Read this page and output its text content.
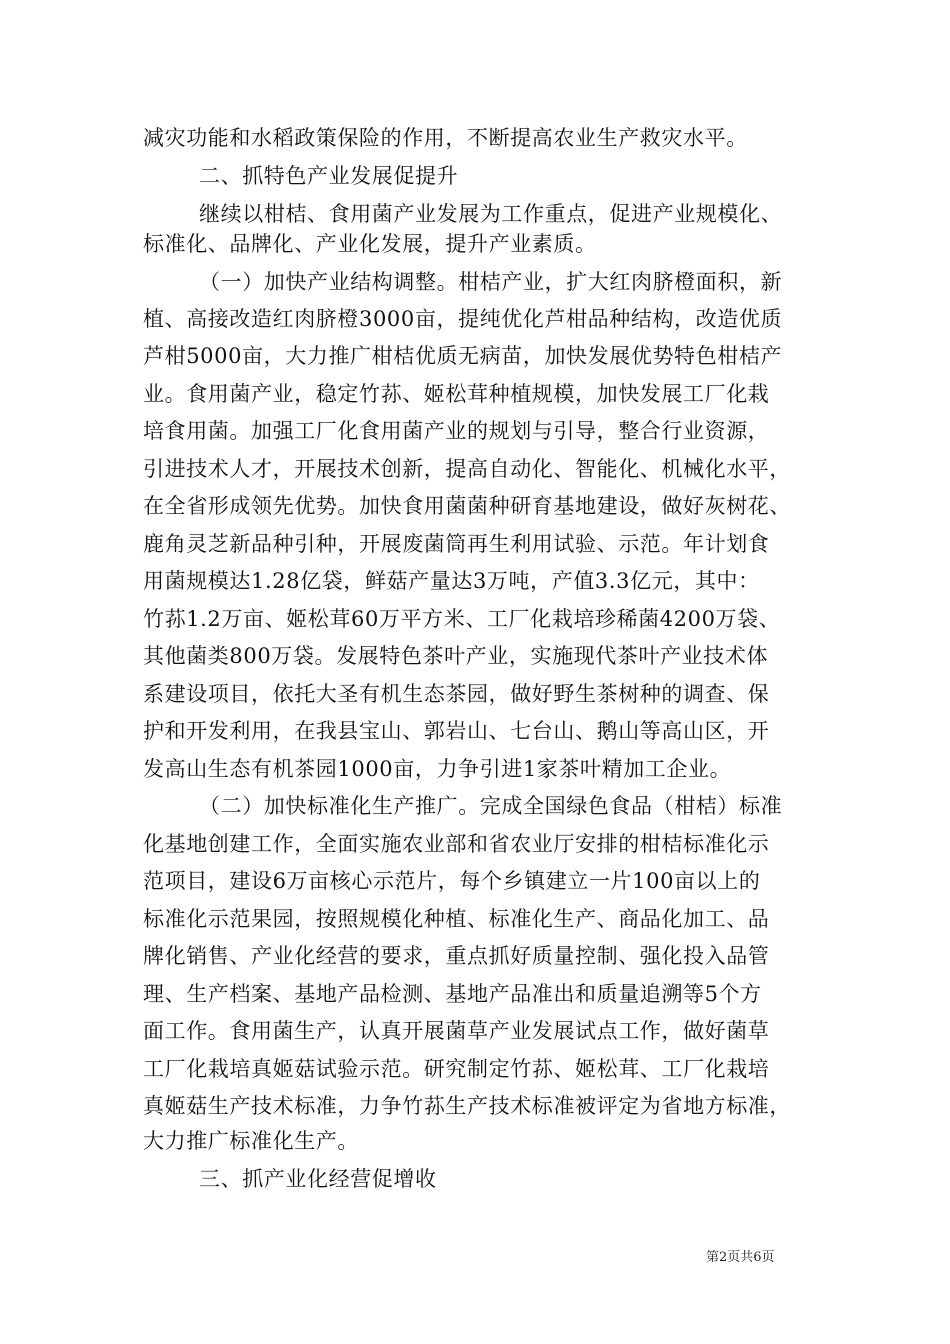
减灾功能和水稻政策保险的作用，不断提高农业生产救灾水平。
二、抓特色产业发展促提升
继续以柑桔、食用菌产业发展为工作重点，促进产业规模化、
标准化、品牌化、产业化发展，提升产业素质。
（一）加快产业结构调整。柑桔产业，扩大红肉脐橙面积，新
植、高接改造红肉脐橙3000亩，提纯优化芦柑品种结构，改造优质
芦柑5000亩，大力推广柑桔优质无病苗，加快发展优势特色柑桔产
业。食用菌产业，稳定竹荪、姬松茸种植规模，加快发展工厂化栽
培食用菌。加强工厂化食用菌产业的规划与引导，整合行业资源，
引进技术人才，开展技术创新，提高自动化、智能化、机械化水平，
在全省形成领先优势。加快食用菌菌种研育基地建设，做好灰树花、
鹿角灵芝新品种引种，开展废菌筒再生利用试验、示范。年计划食
用菌规模达1.28亿袋，鲜菇产量达3万吨，产值3.3亿元，其中：
竹荪1.2万亩、姬松茸60万平方米、工厂化栽培珍稀菌4200万袋、
其他菌类800万袋。发展特色茶叶产业，实施现代茶叶产业技术体
系建设项目，依托大圣有机生态茶园，做好野生茶树种的调查、保
护和开发利用，在我县宝山、郭岩山、七台山、鹅山等高山区，开
发高山生态有机茶园1000亩，力争引进1家茶叶精加工企业。
（二）加快标准化生产推广。完成全国绿色食品（柑桔）标准
化基地创建工作，全面实施农业部和省农业厅安排的柑桔标准化示
范项目，建设6万亩核心示范片，每个乡镇建立一片100亩以上的
标准化示范果园，按照规模化种植、标准化生产、商品化加工、品
牌化销售、产业化经营的要求，重点抓好质量控制、强化投入品管
理、生产档案、基地产品检测、基地产品准出和质量追溯等5个方
面工作。食用菌生产，认真开展菌草产业发展试点工作，做好菌草
工厂化栽培真姬菇试验示范。研究制定竹荪、姬松茸、工厂化栽培
真姬菇生产技术标准，力争竹荪生产技术标准被评定为省地方标准，
大力推广标准化生产。
三、抓产业化经营促增收
第2页共6页
